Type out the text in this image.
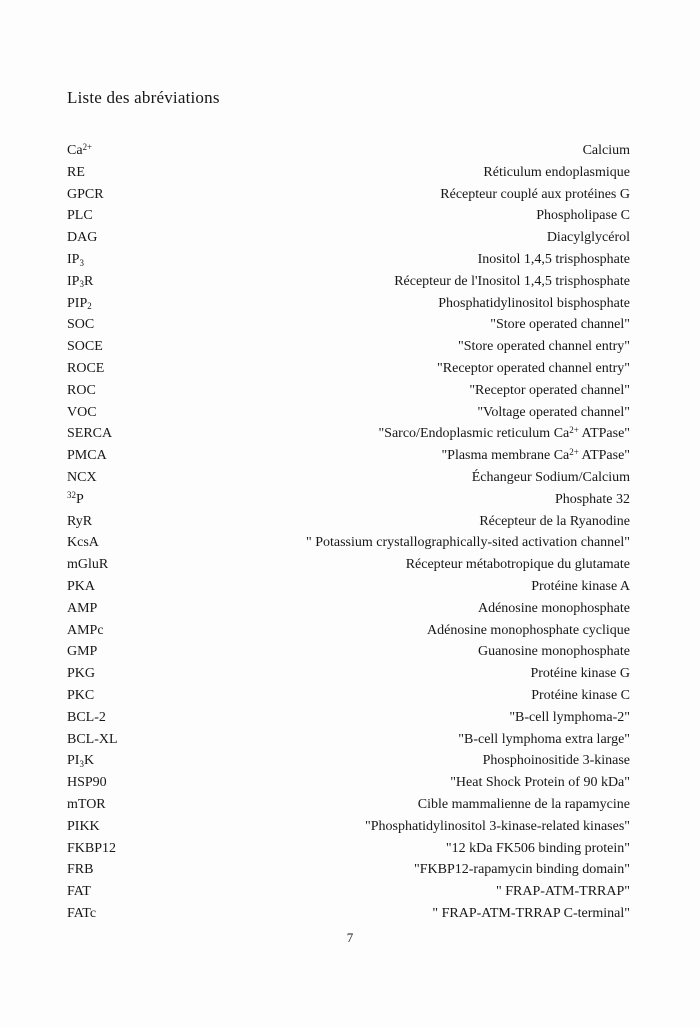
Liste des abréviations
$Ca^{2+}$	Calcium
RE	Réticulum endoplasmique
GPCR	Récepteur couplé aux protéines G
PLC	Phospholipase C
DAG	Diacylglycérol
IP3	Inositol 1,4,5 trisphosphate
IP3R	Récepteur de l'Inositol 1,4,5 trisphosphate
PIP2	Phosphatidylinositol bisphosphate
SOC	"Store operated channel"
SOCE	"Store operated channel entry"
ROCE	"Receptor operated channel entry"
ROC	"Receptor operated channel"
VOC	"Voltage operated channel"
SERCA	"Sarco/Endoplasmic reticulum $Ca^{2+}$ ATPase"
PMCA	"Plasma membrane $Ca^{2+}$ ATPase"
NCX	Échangeur Sodium/Calcium
$^{32}$P	Phosphate 32
RyR	Récepteur de la Ryanodine
KcsA	" Potassium crystallographically-sited activation channel"
mGluR	Récepteur métabotropique du glutamate
PKA	Protéine kinase A
AMP	Adénosine monophosphate
AMPc	Adénosine monophosphate cyclique
GMP	Guanosine monophosphate
PKG	Protéine kinase G
PKC	Protéine kinase C
BCL-2	"B-cell lymphoma-2"
BCL-XL	"B-cell lymphoma extra large"
PI3K	Phosphoinositide 3-kinase
HSP90	"Heat Shock Protein of 90 kDa"
mTOR	Cible mammalienne de la rapamycine
PIKK	"Phosphatidylinositol 3-kinase-related kinases"
FKBP12	"12 kDa FK506 binding protein"
FRB	"FKBP12-rapamycin binding domain"
FAT	" FRAP-ATM-TRRAP"
FATc	" FRAP-ATM-TRRAP C-terminal"
7
